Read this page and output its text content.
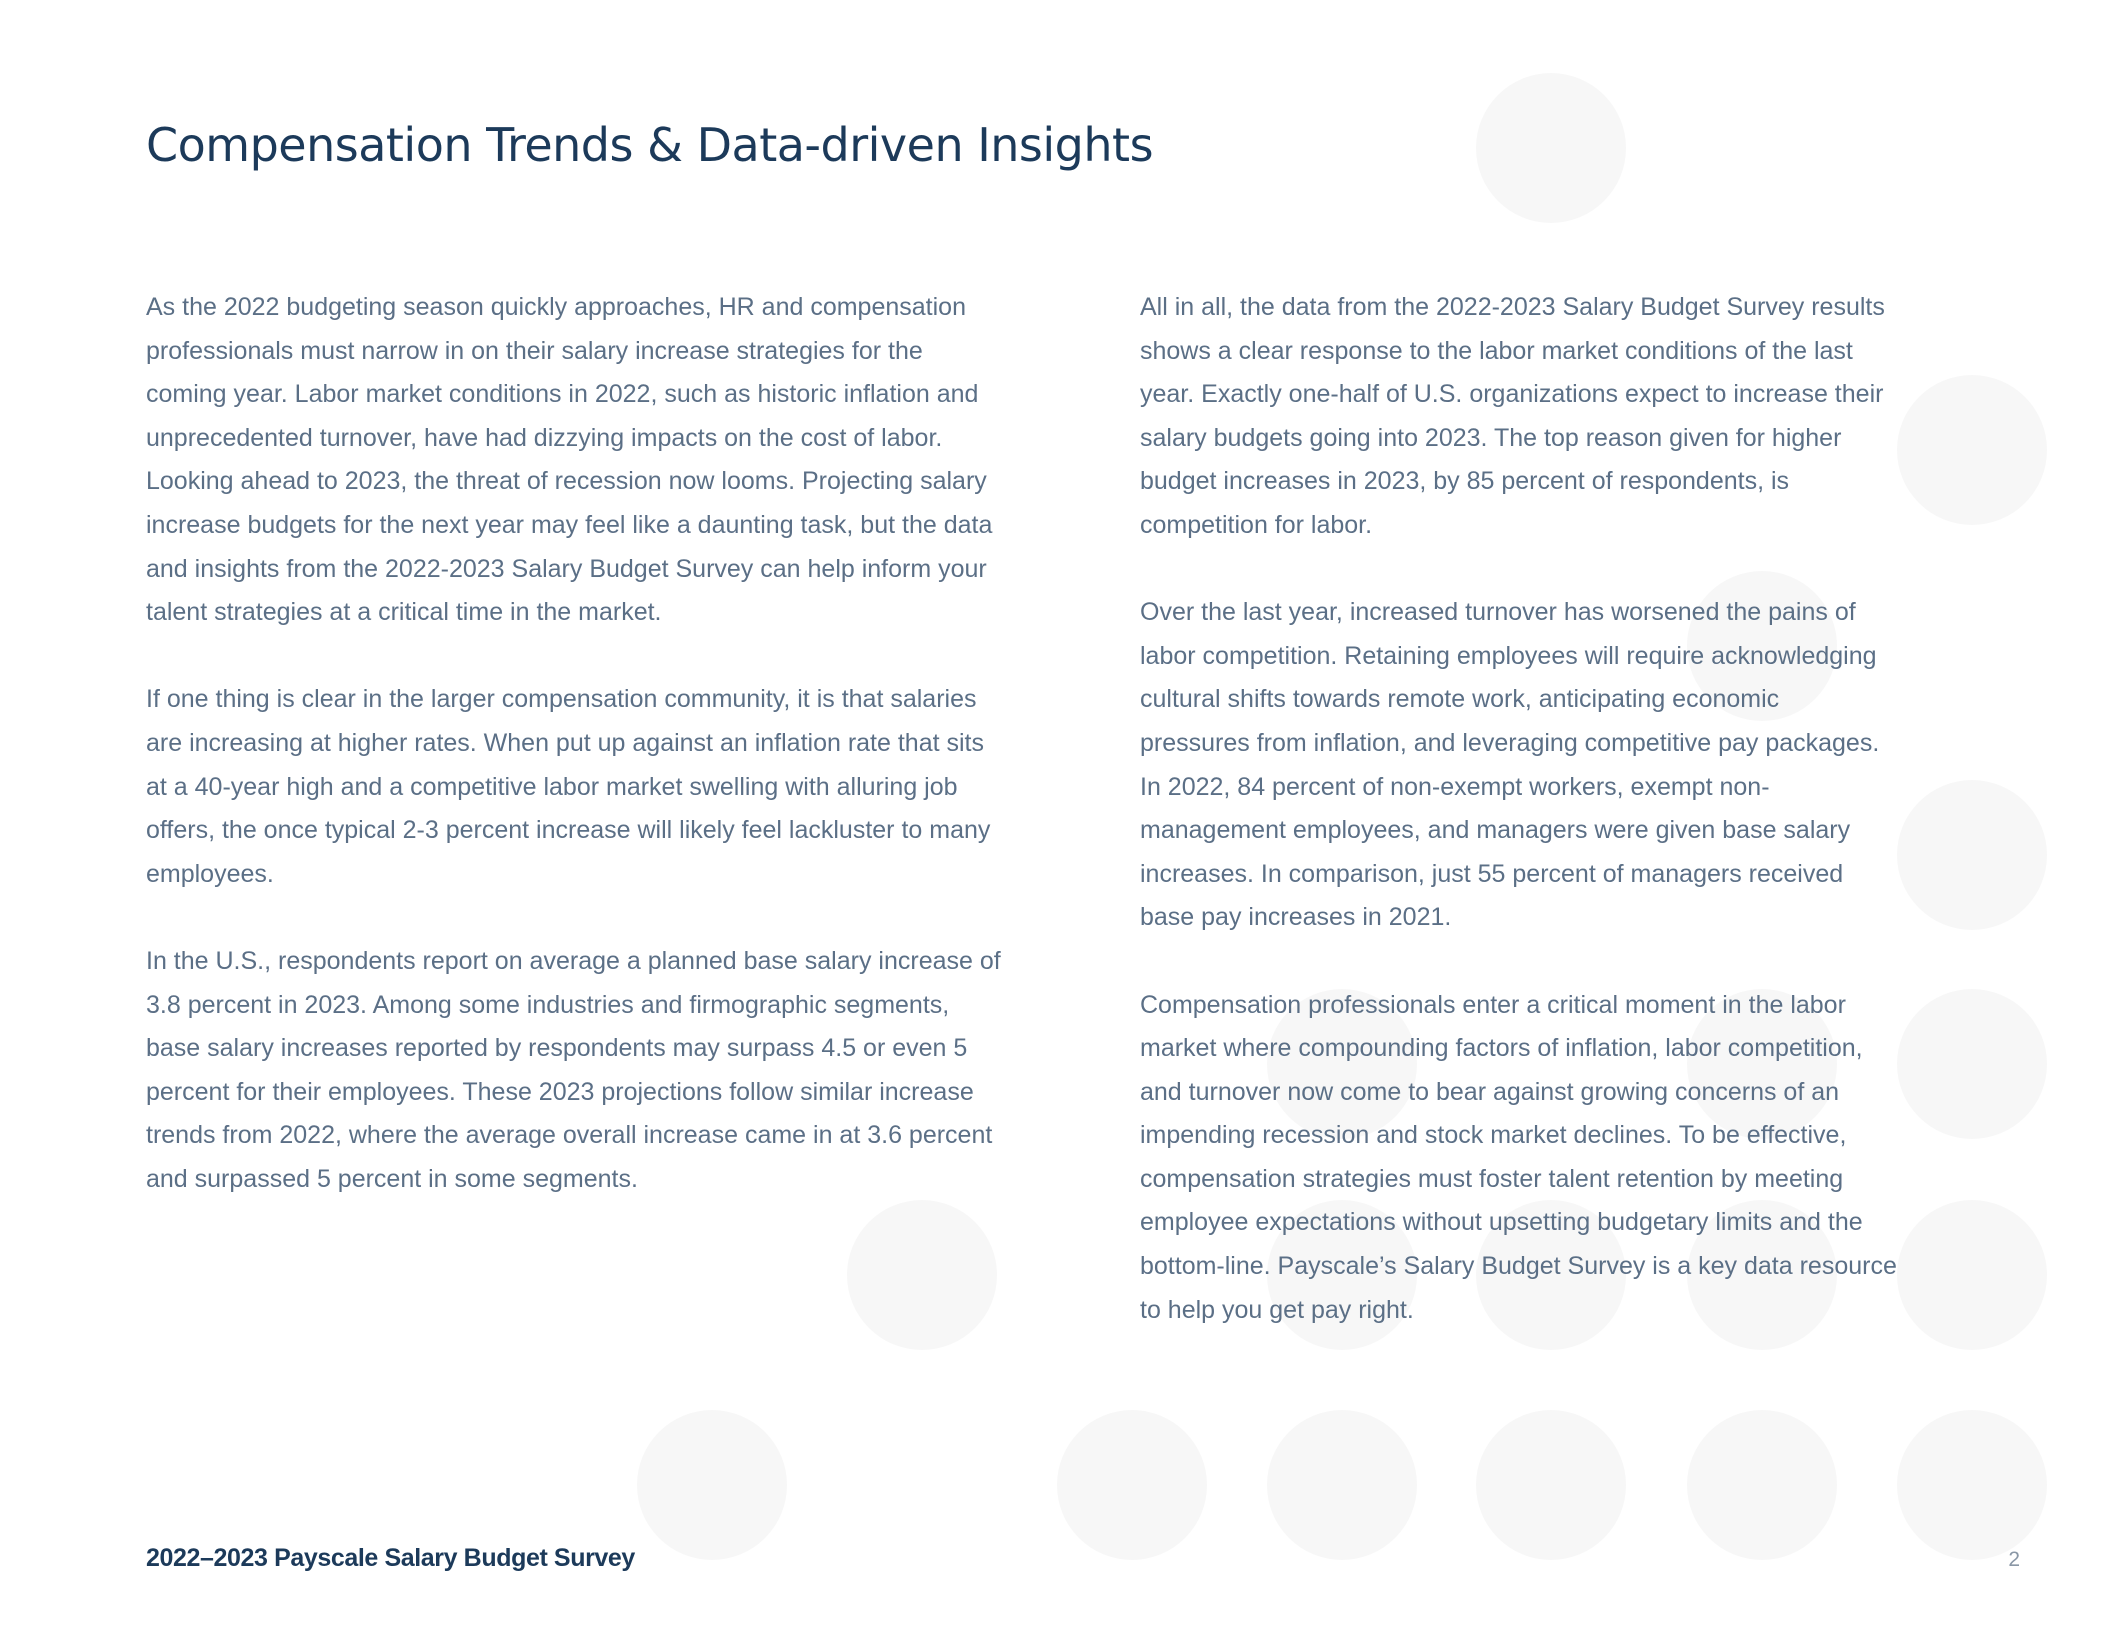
Compensation Trends & Data-driven Insights

As the 2022 budgeting season quickly approaches, HR and compensation
professionals must narrow in on their salary increase strategies for the
coming year. Labor market conditions in 2022, such as historic inflation and
unprecedented turnover, have had dizzying impacts on the cost of labor.
Looking ahead to 2023, the threat of recession now looms. Projecting salary
increase budgets for the next year may feel like a daunting task, but the data
and insights from the 2022-2023 Salary Budget Survey can help inform your
talent strategies at a critical time in the market.

If one thing is clear in the larger compensation community, it is that salaries
are increasing at higher rates. When put up against an inflation rate that sits
at a 40-year high and a competitive labor market swelling with alluring job
offers, the once typical 2-3 percent increase will likely feel lackluster to many
employees.

In the U.S., respondents report on average a planned base salary increase of
3.8 percent in 2023. Among some industries and firmographic segments,
base salary increases reported by respondents may surpass 4.5 or even 5
percent for their employees. These 2023 projections follow similar increase
trends from 2022, where the average overall increase came in at 3.6 percent
and surpassed 5 percent in some segments.

All in all, the data from the 2022-2023 Salary Budget Survey results
shows a clear response to the labor market conditions of the last
year. Exactly one-half of U.S. organizations expect to increase their
salary budgets going into 2023. The top reason given for higher
budget increases in 2023, by 85 percent of respondents, is
competition for labor.

Over the last year, increased turnover has worsened the pains of
labor competition. Retaining employees will require acknowledging
cultural shifts towards remote work, anticipating economic
pressures from inflation, and leveraging competitive pay packages.
In 2022, 84 percent of non-exempt workers, exempt non-
management employees, and managers were given base salary
increases. In comparison, just 55 percent of managers received
base pay increases in 2021.

Compensation professionals enter a critical moment in the labor
market where compounding factors of inflation, labor competition,
and turnover now come to bear against growing concerns of an
impending recession and stock market declines. To be effective,
compensation strategies must foster talent retention by meeting
employee expectations without upsetting budgetary limits and the
bottom-line. Payscale’s Salary Budget Survey is a key data resource
to help you get pay right.

2022–2023 Payscale Salary Budget Survey	2
